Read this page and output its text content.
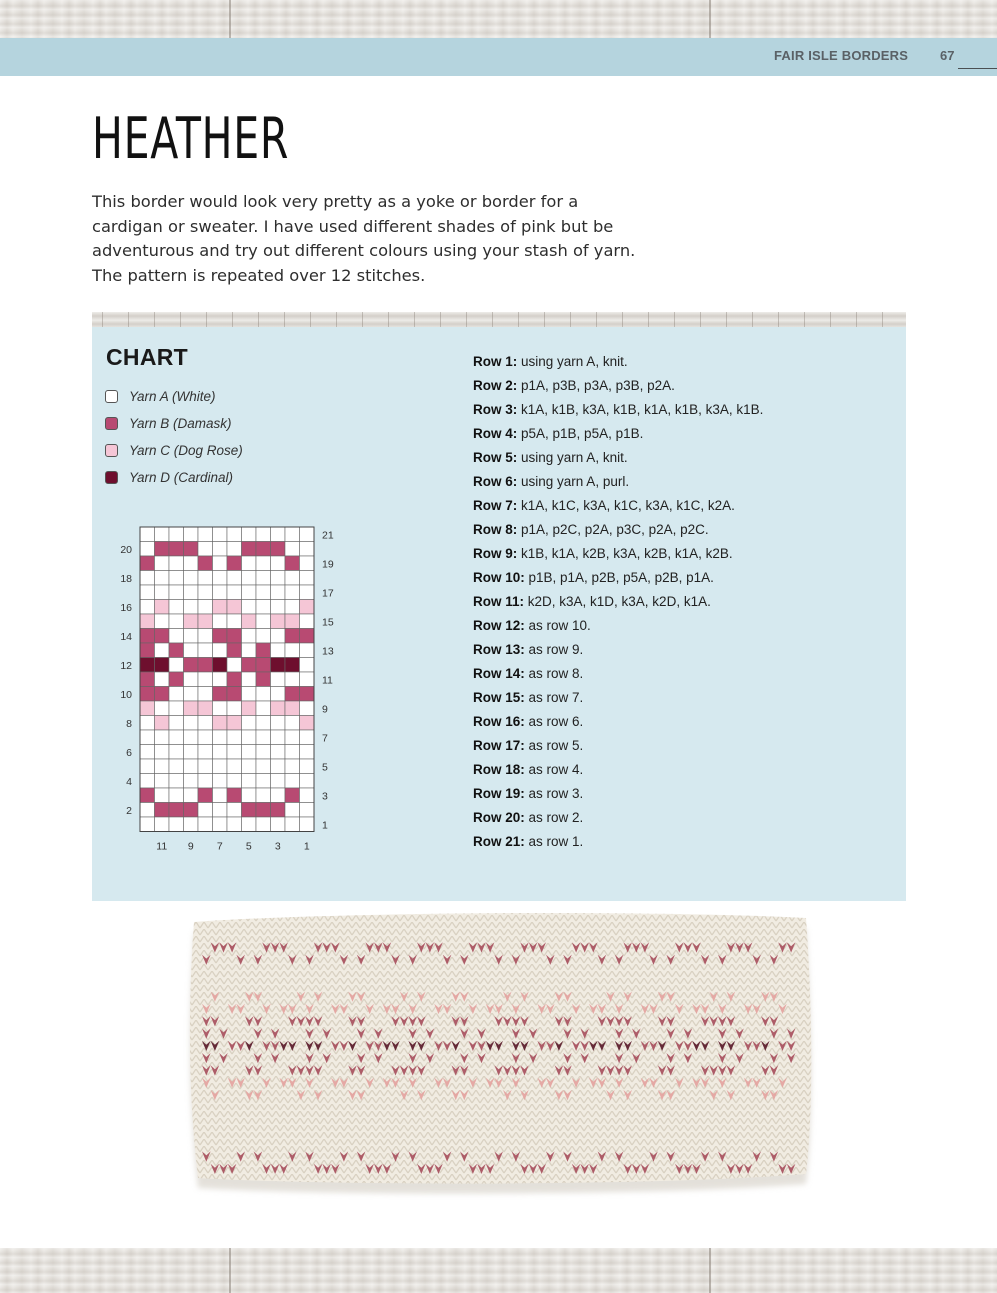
FAIR ISLE BORDERS 67
HEATHER

This border would look very pretty as a yoke or border for a cardigan or sweater. I have used different shades of pink but be adventurous and try out different colours using your stash of yarn. The pattern is repeated over 12 stitches.

CHART
Yarn A (White)
Yarn B (Damask)
Yarn C (Dog Rose)
Yarn D (Cardinal)
20
18
16
14
12
10
8
6
4
2
21
19
17
15
13
11
9
7
5
3
1
11 9 7 5 3 1
Row 1: using yarn A, knit.
Row 2: p1A, p3B, p3A, p3B, p2A.
Row 3: k1A, k1B, k3A, k1B, k1A, k1B, k3A, k1B.
Row 4: p5A, p1B, p5A, p1B.
Row 5: using yarn A, knit.
Row 6: using yarn A, purl.
Row 7: k1A, k1C, k3A, k1C, k3A, k1C, k2A.
Row 8: p1A, p2C, p2A, p3C, p2A, p2C.
Row 9: k1B, k1A, k2B, k3A, k2B, k1A, k2B.
Row 10: p1B, p1A, p2B, p5A, p2B, p1A.
Row 11: k2D, k3A, k1D, k3A, k2D, k1A.
Row 12: as row 10.
Row 13: as row 9.
Row 14: as row 8.
Row 15: as row 7.
Row 16: as row 6.
Row 17: as row 5.
Row 18: as row 4.
Row 19: as row 3.
Row 20: as row 2.
Row 21: as row 1.
